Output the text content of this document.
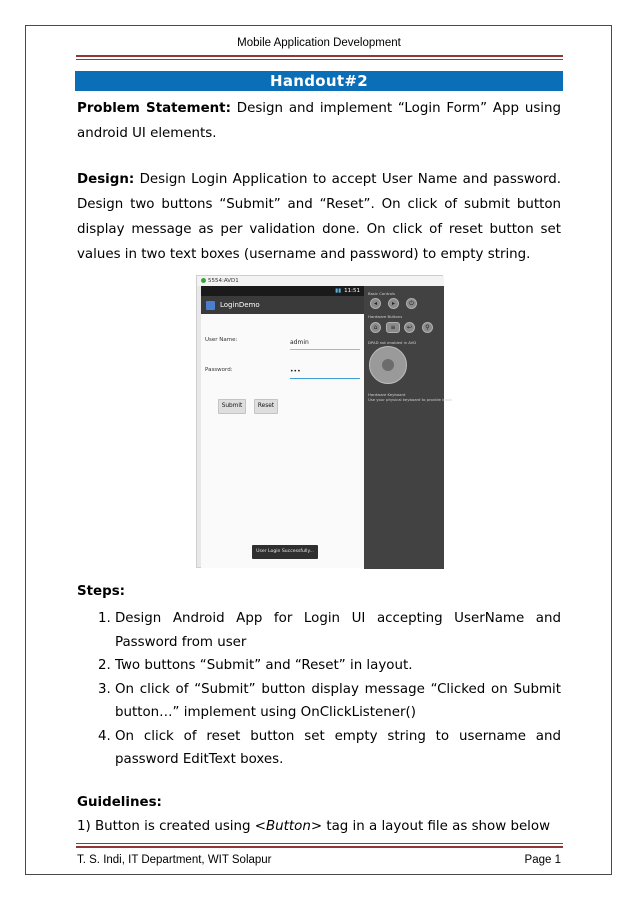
Mobile Application Development
Handout#2
Problem Statement: Design and implement “Login Form” App using android UI elements.
Design: Design Login Application to accept User Name and password. Design two buttons “Submit” and “Reset”. On click of submit button display message as per validation done. On click of reset button set values in two text boxes (username and password) to empty string.
5554:AVD1
▮▮ 11:51
LoginDemo
User Name:	admin
Password:	•••
Submit	Reset
User Login Successfully...
Basic Controls
◂	▸	⏻
Hardware Buttons
⌂	≡	↩	⚲
DPAD not enabled in AVD
Hardware Keyboard
Use your physical keyboard to provide input
Steps:
1. Design Android App for Login UI accepting UserName and Password from user
2. Two buttons “Submit” and “Reset” in layout.
3. On click of “Submit” button display message “Clicked on Submit button…” implement using OnClickListener()
4. On click of reset button set empty string to username and password EditText boxes.
Guidelines:
1) Button is created using <Button> tag in a layout file as show below
T. S. Indi, IT Department, WIT Solapur	Page 1
